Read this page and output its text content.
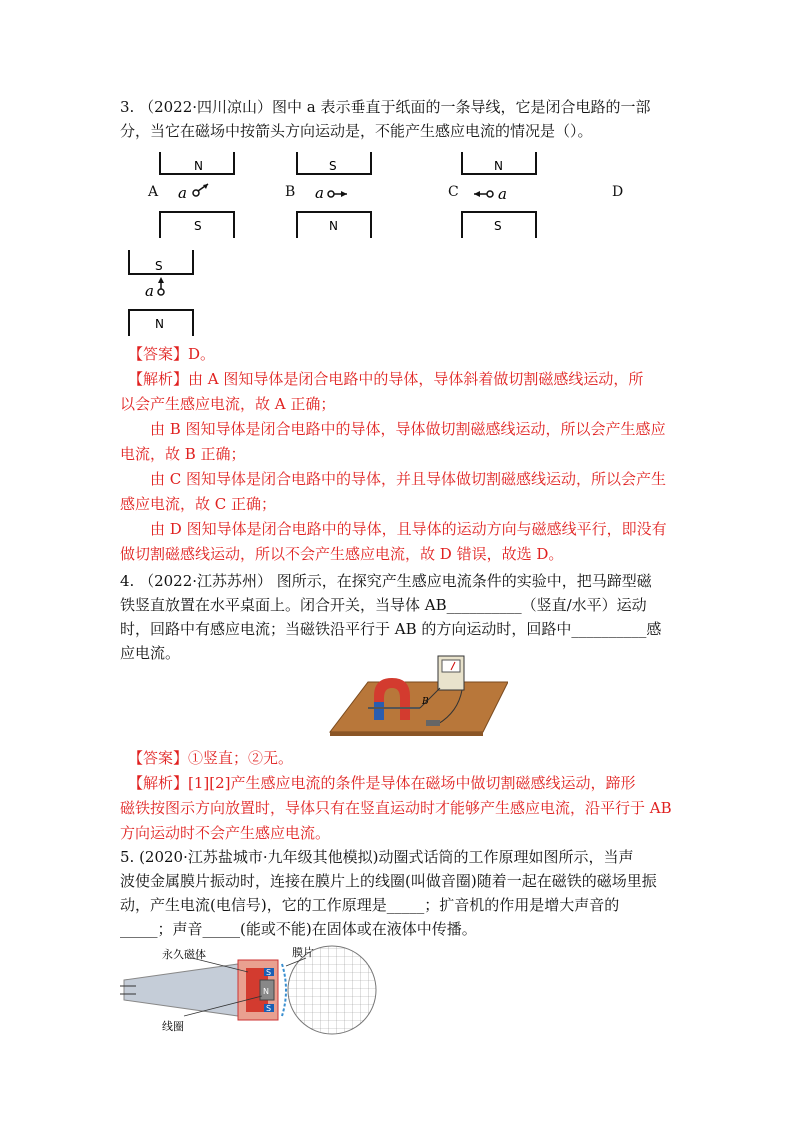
3. （2022·四川凉山）图中 a 表示垂直于纸面的一条导线，它是闭合电路的一部
分，当它在磁场中按箭头方向运动是，不能产生感应电流的情况是（）。
A
N
S
a	B
S
N
a	C
N
S
a	D
S
N
a
【答案】D。
【解析】由 A 图知导体是闭合电路中的导体，导体斜着做切割磁感线运动，所
以会产生感应电流，故 A 正确；
由 B 图知导体是闭合电路中的导体，导体做切割磁感线运动，所以会产生感应
电流，故 B 正确；
由 C 图知导体是闭合电路中的导体，并且导体做切割磁感线运动，所以会产生
感应电流，故 C 正确；
由 D 图知导体是闭合电路中的导体，且导体的运动方向与磁感线平行，即没有
做切割磁感线运动，所以不会产生感应电流，故 D 错误，故选 D。
4. （2022·江苏苏州） 图所示，在探究产生感应电流条件的实验中，把马蹄型磁
铁竖直放置在水平桌面上。闭合开关，当导体 AB__________（竖直/水平）运动
时，回路中有感应电流；当磁铁沿平行于 AB 的方向运动时，回路中__________感
应电流。
B
【答案】①竖直；②无。
【解析】[1][2]产生感应电流的条件是导体在磁场中做切割磁感线运动，蹄形
磁铁按图示方向放置时，导体只有在竖直运动时才能够产生感应电流，沿平行于 AB
方向运动时不会产生感应电流。
5. (2020·江苏盐城市·九年级其他模拟)动圈式话筒的工作原理如图所示，当声
波使金属膜片振动时，连接在膜片上的线圈(叫做音圈)随着一起在磁铁的磁场里振
动，产生电流(电信号)，它的工作原理是_____；扩音机的作用是增大声音的
_____；声音_____(能或不能)在固体或在液体中传播。
S
N
S
永久磁体	膜片
线圈
